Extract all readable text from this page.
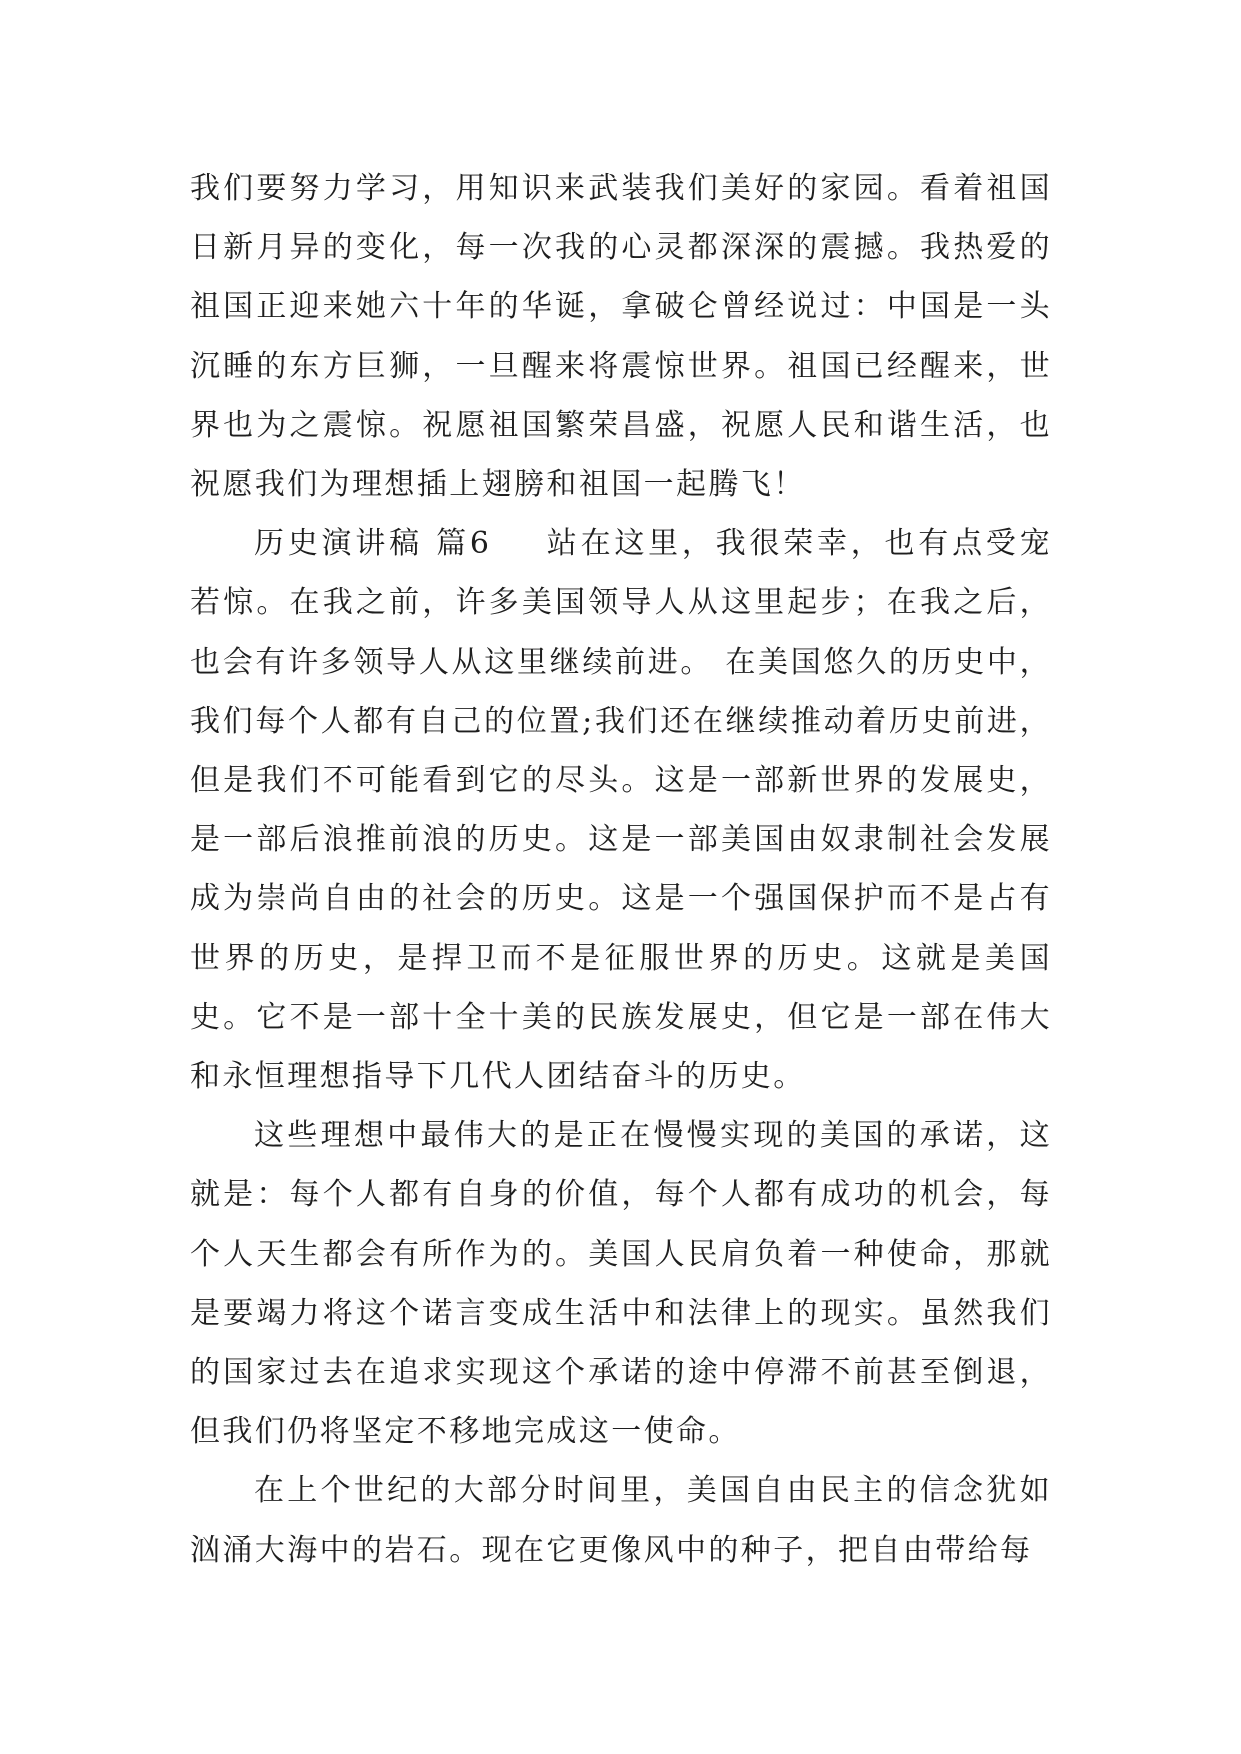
我们要努力学习，用知识来武装我们美好的家园。看着祖国日新月异的变化，每一次我的心灵都深深的震撼。我热爱的祖国正迎来她六十年的华诞，拿破仑曾经说过：中国是一头沉睡的东方巨狮，一旦醒来将震惊世界。祖国已经醒来，世界也为之震惊。祝愿祖国繁荣昌盛，祝愿人民和谐生活，也祝愿我们为理想插上翅膀和祖国一起腾飞！

历史演讲稿 篇6 站在这里，我很荣幸，也有点受宠若惊。在我之前，许多美国领导人从这里起步；在我之后，也会有许多领导人从这里继续前进。 在美国悠久的历史中，我们每个人都有自己的位置;我们还在继续推动着历史前进，但是我们不可能看到它的尽头。这是一部新世界的发展史，是一部后浪推前浪的历史。这是一部美国由奴隶制社会发展成为崇尚自由的社会的历史。这是一个强国保护而不是占有世界的历史，是捍卫而不是征服世界的历史。这就是美国史。它不是一部十全十美的民族发展史，但它是一部在伟大和永恒理想指导下几代人团结奋斗的历史。

这些理想中最伟大的是正在慢慢实现的美国的承诺，这就是：每个人都有自身的价值，每个人都有成功的机会，每个人天生都会有所作为的。美国人民肩负着一种使命，那就是要竭力将这个诺言变成生活中和法律上的现实。虽然我们的国家过去在追求实现这个承诺的途中停滞不前甚至倒退，但我们仍将坚定不移地完成这一使命。

在上个世纪的大部分时间里，美国自由民主的信念犹如汹涌大海中的岩石。现在它更像风中的种子，把自由带给每
